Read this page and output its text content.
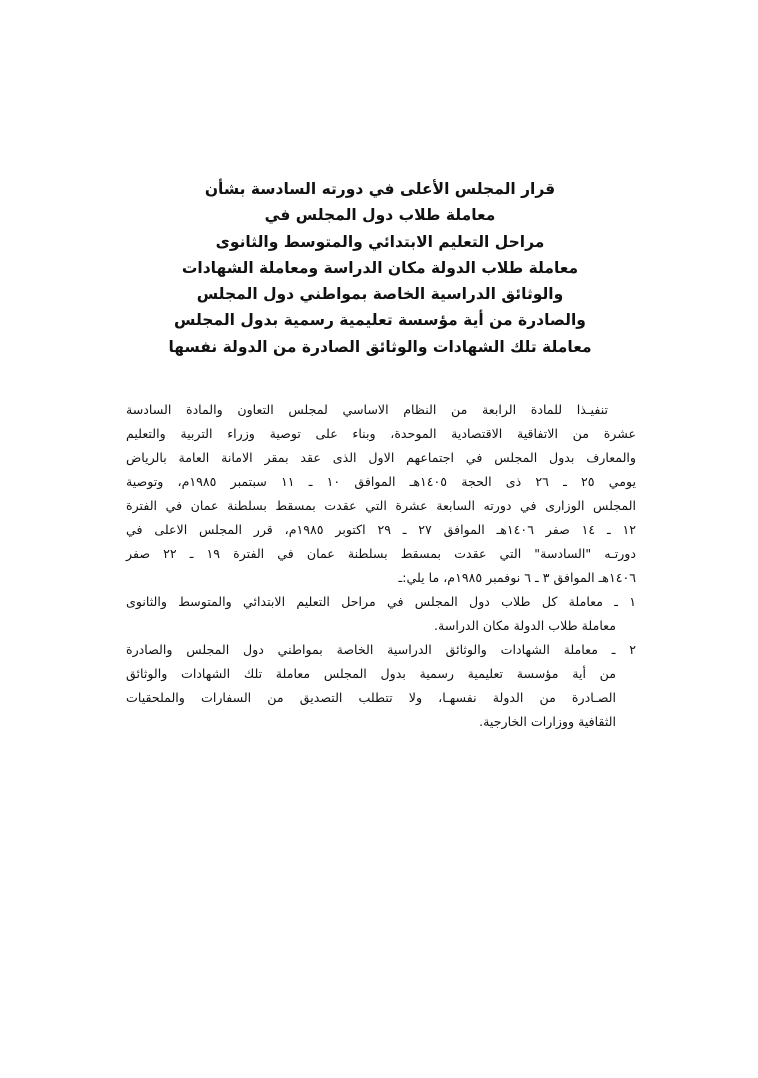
قرار المجلس الأعلى في دورته السادسة بشأن
معاملة طلاب دول المجلس في
مراحل التعليم الابتدائي والمتوسط والثانوى
معاملة طلاب الدولة مكان الدراسة ومعاملة الشهادات
والوثائق الدراسية الخاصة بمواطني دول المجلس
والصادرة من أية مؤسسة تعليمية رسمية بدول المجلس
معاملة تلك الشهادات والوثائق الصادرة من الدولة نفسها
تنفيـذا للمادة الرابعة من النظام الاساسي لمجلس التعاون والمادة السادسة
عشرة من الاتفاقية الاقتصادية الموحدة، وبناء على توصية وزراء التربية والتعليم
والمعارف بدول المجلس في اجتماعهم الاول الذى عقد بمقر الامانة العامة بالرياض
يومي ٢٥ ـ ٢٦ ذى الحجة ١٤٠٥هـ الموافق ١٠ ـ ١١ سبتمبر ١٩٨٥م، وتوصية
المجلس الوزارى في دورته السابعة عشرة التي عقدت بمسقط بسلطنة عمان في الفترة
١٢ ـ ١٤ صفر ١٤٠٦هـ الموافق ٢٧ ـ ٢٩ اكتوبر ١٩٨٥م، قرر المجلس الاعلى في
دورتـه "السادسة" التي عقدت بمسقط بسلطنة عمان في الفترة ١٩ ـ ٢٢ صفر
١٤٠٦هـ الموافق ٣ ـ ٦ نوفمبر ١٩٨٥م، ما يلي:ـ
١ ـ معاملة كل طلاب دول المجلس في مراحل التعليم الابتدائي والمتوسط والثانوى
معاملة طلاب الدولة مكان الدراسة.
٢ ـ معاملة الشهادات والوثائق الدراسية الخاصة بمواطني دول المجلس والصادرة
من أية مؤسسة تعليمية رسمية بدول المجلس معاملة تلك الشهادات والوثائق
الصـادرة من الدولة نفسهـا، ولا تتطلب التصديق من السفارات والملحقيات
الثقافية ووزارات الخارجية.
